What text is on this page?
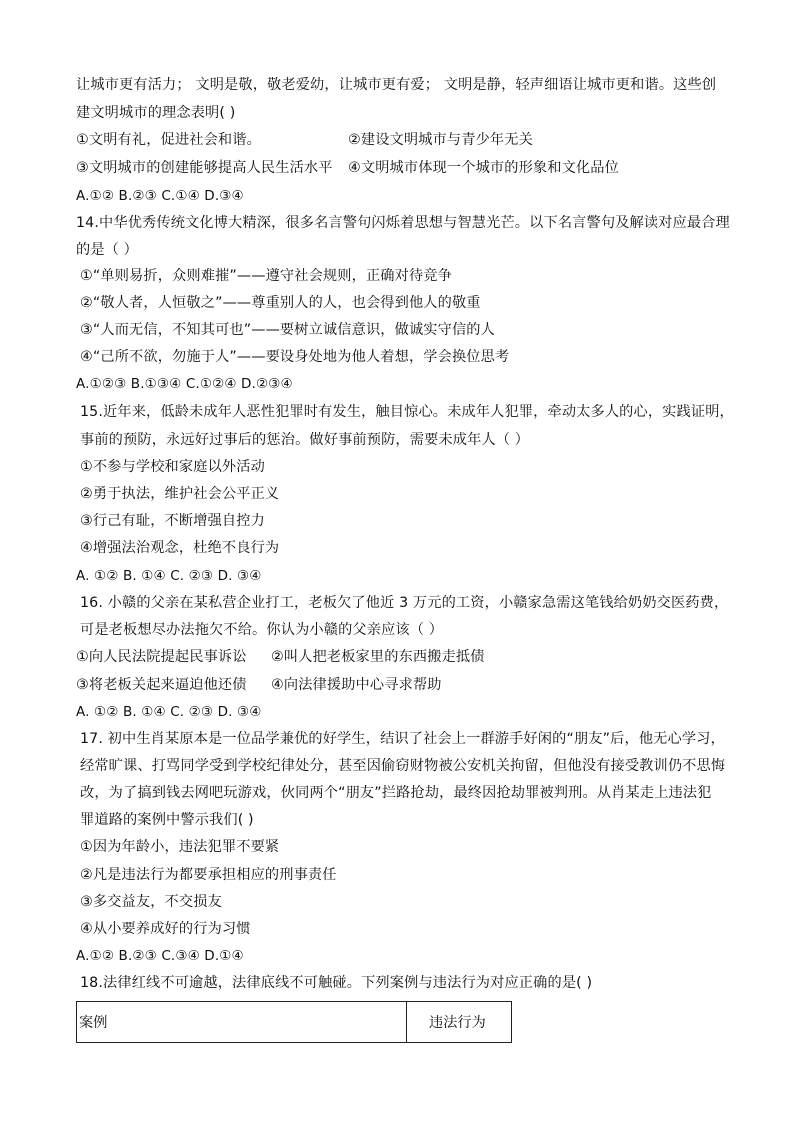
让城市更有活力； 文明是敬，敬老爱幼，让城市更有爱； 文明是静，轻声细语让城市更和谐。这些创
建文明城市的理念表明( )
①文明有礼，促进社会和谐。	②建设文明城市与青少年无关
③文明城市的创建能够提高人民生活水平 ④文明城市体现一个城市的形象和文化品位
A.①② B.②③ C.①④ D.③④
14.中华优秀传统文化博大精深，很多名言警句闪烁着思想与智慧光芒。以下名言警句及解读对应最合理
的是（ ）
①“单则易折，众则难摧”——遵守社会规则，正确对待竞争
②“敬人者，人恒敬之”——尊重别人的人，也会得到他人的敬重
③“人而无信，不知其可也”——要树立诚信意识，做诚实守信的人
④“己所不欲，勿施于人”——要设身处地为他人着想，学会换位思考
A.①②③ B.①③④ C.①②④ D.②③④
15.近年来，低龄未成年人恶性犯罪时有发生，触目惊心。未成年人犯罪，牵动太多人的心，实践证明，
事前的预防，永远好过事后的惩治。做好事前预防，需要未成年人（ ）
①不参与学校和家庭以外活动
②勇于执法，维护社会公平正义
③行己有耻，不断增强自控力
④增强法治观念，杜绝不良行为
A. ①② B. ①④ C. ②③ D. ③④
16. 小赣的父亲在某私营企业打工，老板欠了他近 3 万元的工资，小赣家急需这笔钱给奶奶交医药费，
可是老板想尽办法拖欠不给。你认为小赣的父亲应该（ ）
①向人民法院提起民事诉讼 ②叫人把老板家里的东西搬走抵债
③将老板关起来逼迫他还债 ④向法律援助中心寻求帮助
A. ①② B. ①④ C. ②③ D. ③④
17. 初中生肖某原本是一位品学兼优的好学生，结识了社会上一群游手好闲的“朋友”后，他无心学习，
经常旷课、打骂同学受到学校纪律处分，甚至因偷窃财物被公安机关拘留，但他没有接受教训仍不思悔
改，为了搞到钱去网吧玩游戏，伙同两个“朋友”拦路抢劫，最终因抢劫罪被判刑。从肖某走上违法犯
罪道路的案例中警示我们( )
①因为年龄小，违法犯罪不要紧
②凡是违法行为都要承担相应的刑事责任
③多交益友，不交损友
④从小要养成好的行为习惯
A.①② B.②③ C.③④ D.①④
18.法律红线不可逾越，法律底线不可触碰。下列案例与违法行为对应正确的是( )
案例	违法行为
